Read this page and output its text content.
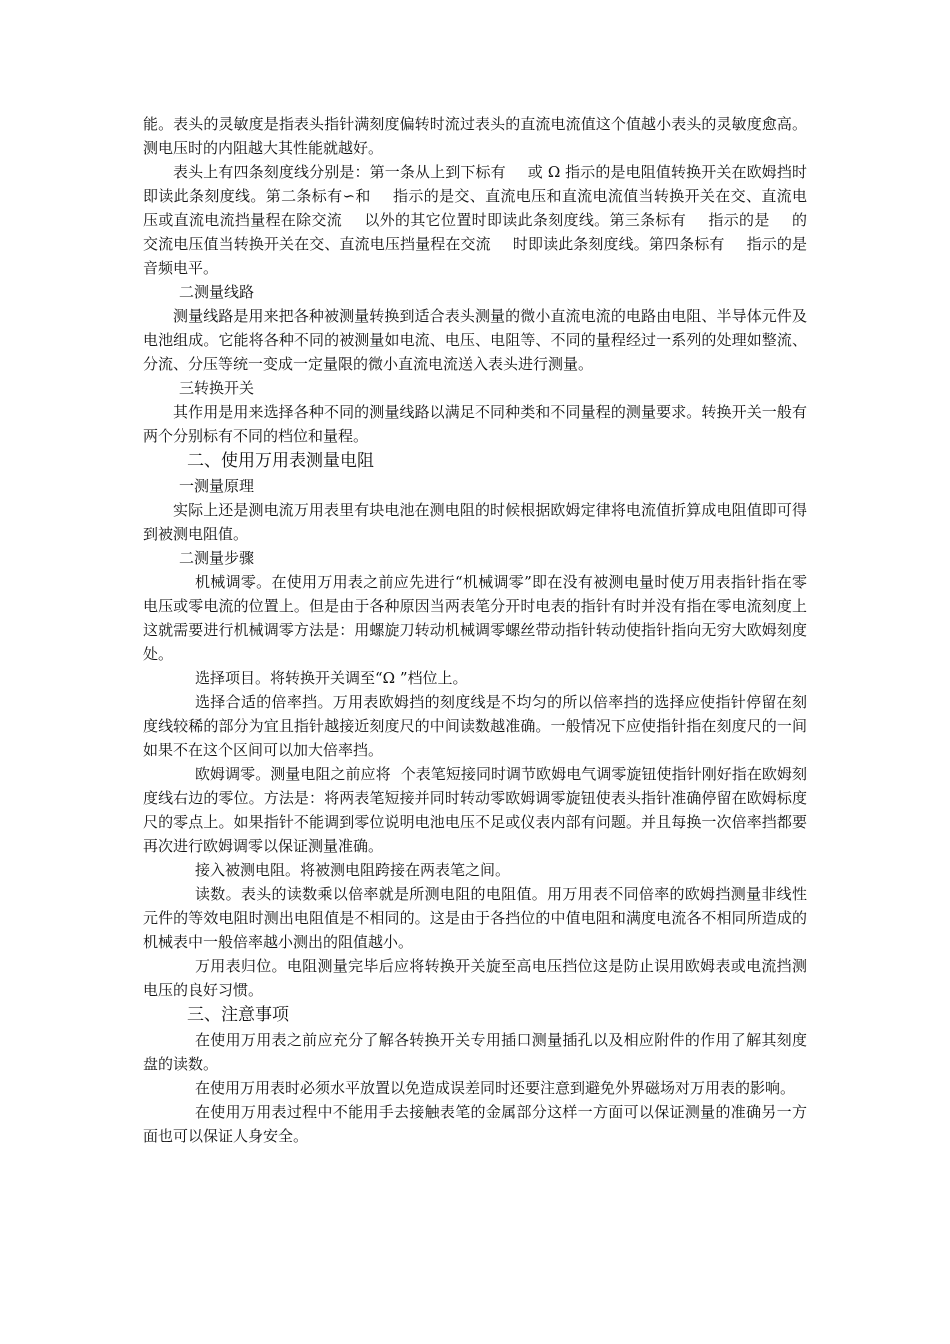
能。表头的灵敏度是指表头指针满刻度偏转时流过表头的直流电流值这个值越小表头的灵敏度愈高。测电压时的内阻越大其性能就越好。

表头上有四条刻度线分别是：第一条从上到下标有 或 Ω 指示的是电阻值转换开关在欧姆挡时即读此条刻度线。第二条标有∽和 指示的是交、直流电压和直流电流值当转换开关在交、直流电压或直流电流挡量程在除交流 以外的其它位置时即读此条刻度线。第三条标有 指示的是 的交流电压值当转换开关在交、直流电压挡量程在交流 时即读此条刻度线。第四条标有 指示的是音频电平。

二测量线路

测量线路是用来把各种被测量转换到适合表头测量的微小直流电流的电路由电阻、半导体元件及电池组成。它能将各种不同的被测量如电流、电压、电阻等、不同的量程经过一系列的处理如整流、分流、分压等统一变成一定量限的微小直流电流送入表头进行测量。

三转换开关

其作用是用来选择各种不同的测量线路以满足不同种类和不同量程的测量要求。转换开关一般有两个分别标有不同的档位和量程。

二、使用万用表测量电阻

一测量原理

实际上还是测电流万用表里有块电池在测电阻的时候根据欧姆定律将电流值折算成电阻值即可得到被测电阻值。

二测量步骤

机械调零。在使用万用表之前应先进行“机械调零”即在没有被测电量时使万用表指针指在零电压或零电流的位置上。但是由于各种原因当两表笔分开时电表的指针有时并没有指在零电流刻度上这就需要进行机械调零方法是：用螺旋刀转动机械调零螺丝带动指针转动使指针指向无穷大欧姆刻度处。

选择项目。将转换开关调至“Ω ”档位上。

选择合适的倍率挡。万用表欧姆挡的刻度线是不均匀的所以倍率挡的选择应使指针停留在刻度线较稀的部分为宜且指针越接近刻度尺的中间读数越准确。一般情况下应使指针指在刻度尺的一间如果不在这个区间可以加大倍率挡。

欧姆调零。测量电阻之前应将 个表笔短接同时调节欧姆电气调零旋钮使指针刚好指在欧姆刻度线右边的零位。方法是：将两表笔短接并同时转动零欧姆调零旋钮使表头指针准确停留在欧姆标度尺的零点上。如果指针不能调到零位说明电池电压不足或仪表内部有问题。并且每换一次倍率挡都要再次进行欧姆调零以保证测量准确。

接入被测电阻。将被测电阻跨接在两表笔之间。

读数。表头的读数乘以倍率就是所测电阻的电阻值。用万用表不同倍率的欧姆挡测量非线性元件的等效电阻时测出电阻值是不相同的。这是由于各挡位的中值电阻和满度电流各不相同所造成的机械表中一般倍率越小测出的阻值越小。

万用表归位。电阻测量完毕后应将转换开关旋至高电压挡位这是防止误用欧姆表或电流挡测电压的良好习惯。

三、注意事项

在使用万用表之前应充分了解各转换开关专用插口测量插孔以及相应附件的作用了解其刻度盘的读数。

在使用万用表时必须水平放置以免造成误差同时还要注意到避免外界磁场对万用表的影响。

在使用万用表过程中不能用手去接触表笔的金属部分这样一方面可以保证测量的准确另一方面也可以保证人身安全。
